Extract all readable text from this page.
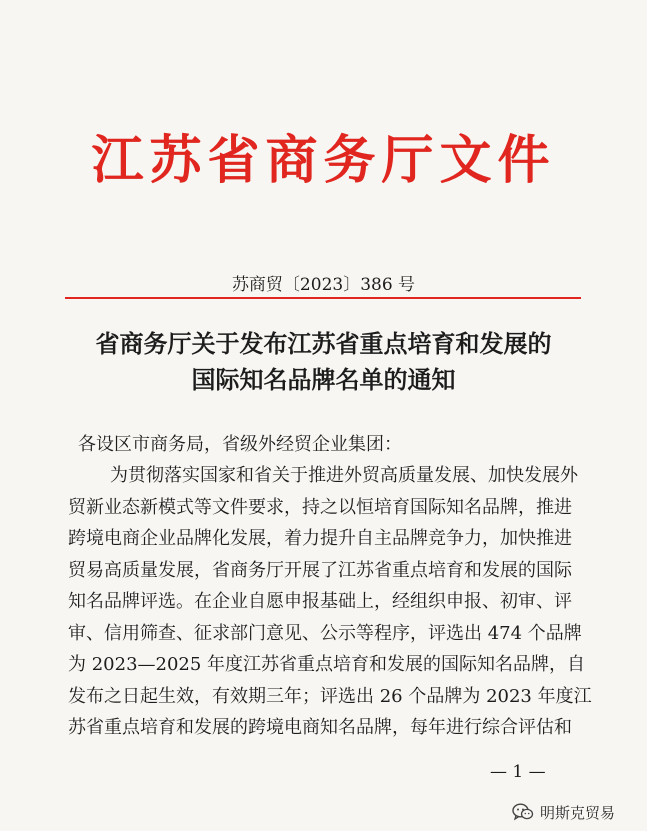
江苏省商务厅文件
苏商贸〔2023〕386 号
省商务厅关于发布江苏省重点培育和发展的
国际知名品牌名单的通知
各设区市商务局，省级外经贸企业集团：
为贯彻落实国家和省关于推进外贸高质量发展、加快发展外
贸新业态新模式等文件要求，持之以恒培育国际知名品牌，推进
跨境电商企业品牌化发展，着力提升自主品牌竞争力，加快推进
贸易高质量发展，省商务厅开展了江苏省重点培育和发展的国际
知名品牌评选。在企业自愿申报基础上，经组织申报、初审、评
审、信用筛查、征求部门意见、公示等程序，评选出 474 个品牌
为 2023—2025 年度江苏省重点培育和发展的国际知名品牌，自
发布之日起生效，有效期三年；评选出 26 个品牌为 2023 年度江
苏省重点培育和发展的跨境电商知名品牌，每年进行综合评估和
— 1 —
明斯克贸易
